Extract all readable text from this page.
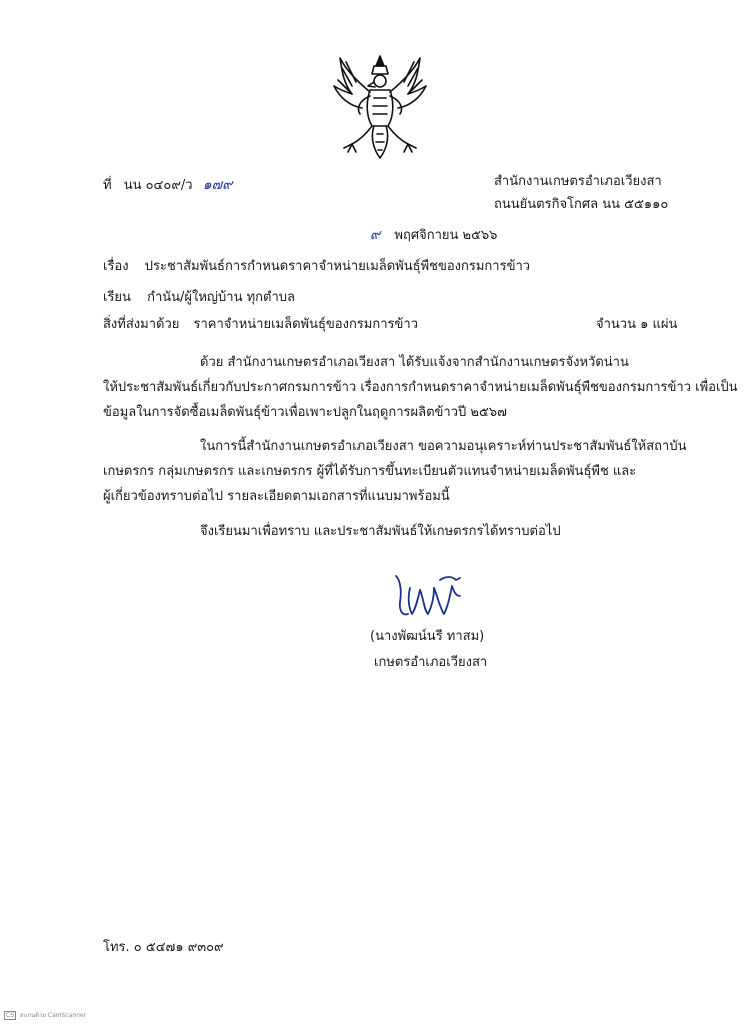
ที่ นน ๐๔๐๙/ว ๑๗๙	สำนักงานเกษตรอำเภอเวียงสา
ถนนยันตรกิจโกศล นน ๕๕๑๑๐
๙ พฤศจิกายน ๒๕๖๖
เรื่อง ประชาสัมพันธ์การกำหนดราคาจำหน่ายเมล็ดพันธุ์พืชของกรมการข้าว
เรียน กำนัน/ผู้ใหญ่บ้าน ทุกตำบล
สิ่งที่ส่งมาด้วย ราคาจำหน่ายเมล็ดพันธุ์ของกรมการข้าว	จำนวน ๑ แผ่น
ด้วย สำนักงานเกษตรอำเภอเวียงสา ได้รับแจ้งจากสำนักงานเกษตรจังหวัดน่าน
ให้ประชาสัมพันธ์เกี่ยวกับประกาศกรมการข้าว เรื่องการกำหนดราคาจำหน่ายเมล็ดพันธุ์พืชของกรมการข้าว เพื่อเป็น
ข้อมูลในการจัดซื้อเมล็ดพันธุ์ข้าวเพื่อเพาะปลูกในฤดูการผลิตข้าวปี ๒๕๖๗
ในการนี้สำนักงานเกษตรอำเภอเวียงสา ขอความอนุเคราะห์ท่านประชาสัมพันธ์ให้สถาบัน
เกษตรกร กลุ่มเกษตรกร และเกษตรกร ผู้ที่ได้รับการขึ้นทะเบียนตัวแทนจำหน่ายเมล็ดพันธุ์พืช และ
ผู้เกี่ยวข้องทราบต่อไป รายละเอียดตามเอกสารที่แนบมาพร้อมนี้
จึงเรียนมาเพื่อทราบ และประชาสัมพันธ์ให้เกษตรกรได้ทราบต่อไป
(นางพัฒน์นรี ทาสม)
เกษตรอำเภอเวียงสา
โทร. ๐ ๕๔๗๑ ๙๓๐๙
CS สแกนด้วย CamScanner
